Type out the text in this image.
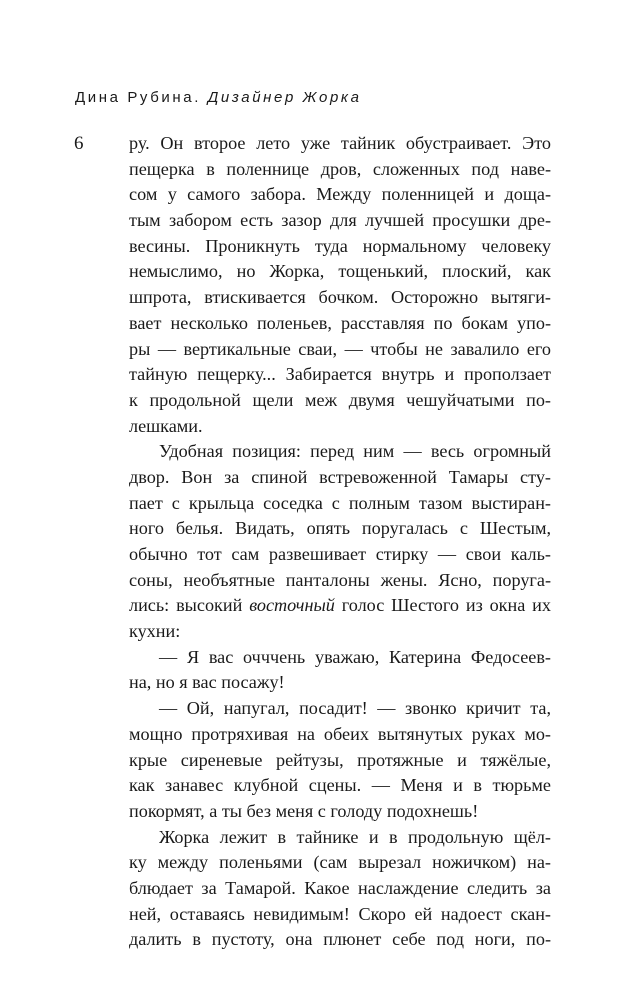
Дина Рубина. Дизайнер Жорка
6	ру. Он второе лето уже тайник обустраивает. Это
пещерка в поленнице дров, сложенных под наве-
сом у самого забора. Между поленницей и доща-
тым забором есть зазор для лучшей просушки дре-
весины. Проникнуть туда нормальному человеку
немыслимо, но Жорка, тощенький, плоский, как
шпрота, втискивается бочком. Осторожно вытяги-
вает несколько поленьев, расставляя по бокам упо-
ры — вертикальные сваи, — чтобы не завалило его
тайную пещерку... Забирается внутрь и проползает
к продольной щели меж двумя чешуйчатыми по-
лешками.
Удобная позиция: перед ним — весь огромный
двор. Вон за спиной встревоженной Тамары сту-
пает с крыльца соседка с полным тазом выстиран-
ного белья. Видать, опять поругалась с Шестым,
обычно тот сам развешивает стирку — свои каль-
соны, необъятные панталоны жены. Ясно, поруга-
лись: высокий восточный голос Шестого из окна их
кухни:
— Я вас очччень уважаю, Катерина Федосеев-
на, но я вас посажу!
— Ой, напугал, посадит! — звонко кричит та,
мощно протряхивая на обеих вытянутых руках мо-
крые сиреневые рейтузы, протяжные и тяжёлые,
как занавес клубной сцены. — Меня и в тюрьме
покормят, а ты без меня с голоду подохнешь!
Жорка лежит в тайнике и в продольную щёл-
ку между поленьями (сам вырезал ножичком) на-
блюдает за Тамарой. Какое наслаждение следить за
ней, оставаясь невидимым! Скоро ей надоест скан-
далить в пустоту, она плюнет себе под ноги, по-
